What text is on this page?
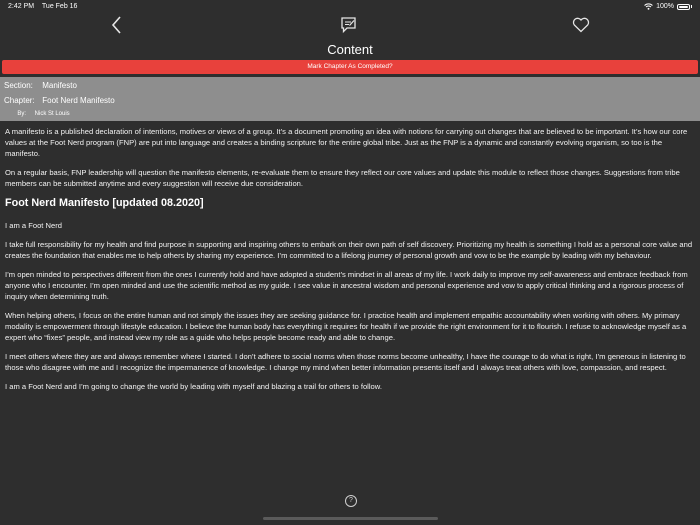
2:42 PM Tue Feb 16	100%
Content
Mark Chapter As Completed?
Section: Manifesto
Chapter: Foot Nerd Manifesto
By: Nick St Louis

A manifesto is a published declaration of intentions, motives or views of a group. It’s a document promoting an idea with notions for carrying out changes that are believed to be important. It’s how our core values at the Foot Nerd program (FNP) are put into language and creates a binding scripture for the entire global tribe. Just as the FNP is a dynamic and constantly evolving organism, so too is the manifesto.

On a regular basis, FNP leadership will question the manifesto elements, re-evaluate them to ensure they reflect our core values and update this module to reflect those changes. Suggestions from tribe members can be submitted anytime and every suggestion will receive due consideration.

Foot Nerd Manifesto [updated 08.2020]

I am a Foot Nerd

I take full responsibility for my health and find purpose in supporting and inspiring others to embark on their own path of self discovery. Prioritizing my health is something I hold as a personal core value and creates the foundation that enables me to help others by sharing my experience. I’m committed to a lifelong journey of personal growth and vow to be the example by leading with my behaviour.

I’m open minded to perspectives different from the ones I currently hold and have adopted a student’s mindset in all areas of my life. I work daily to improve my self-awareness and embrace feedback from anyone who I encounter. I’m open minded and use the scientific method as my guide. I see value in ancestral wisdom and personal experience and vow to apply critical thinking and a rigorous process of inquiry when determining truth.

When helping others, I focus on the entire human and not simply the issues they are seeking guidance for. I practice health and implement empathic accountability when working with others. My primary modality is empowerment through lifestyle education. I believe the human body has everything it requires for health if we provide the right environment for it to flourish. I refuse to acknowledge myself as a expert who “fixes” people, and instead view my role as a guide who helps people become ready and able to change.

I meet others where they are and always remember where I started. I don’t adhere to social norms when those norms become unhealthy, I have the courage to do what is right, I’m generous in listening to those who disagree with me and I recognize the impermanence of knowledge. I change my mind when better information presents itself and I always treat others with love, compassion, and respect.

I am a Foot Nerd and I’m going to change the world by leading with myself and blazing a trail for others to follow.

?
